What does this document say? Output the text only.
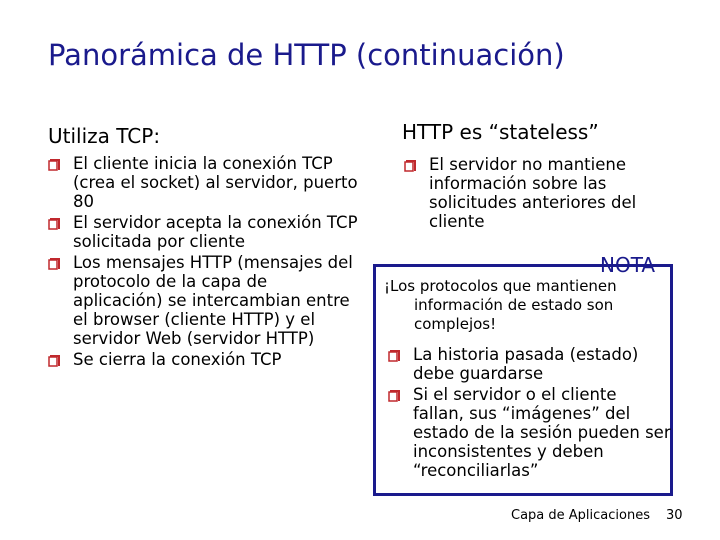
Panorámica de HTTP (continuación)
Utiliza TCP:
El cliente inicia la conexión TCP (crea el socket) al servidor, puerto 80
El servidor acepta la conexión TCP solicitada por cliente
Los mensajes HTTP (mensajes del protocolo de la capa de aplicación) se intercambian entre el browser (cliente HTTP) y el servidor Web (servidor HTTP)
Se cierra la conexión TCP
HTTP es “stateless”
El servidor no mantiene información sobre las solicitudes anteriores del cliente
NOTA
¡Los protocolos que mantienen
información de estado son complejos!
La historia pasada (estado) debe guardarse
Si el servidor o el cliente fallan, sus “imágenes” del estado de la sesión pueden ser inconsistentes y deben “reconciliarlas”
Capa de Aplicaciones 30
